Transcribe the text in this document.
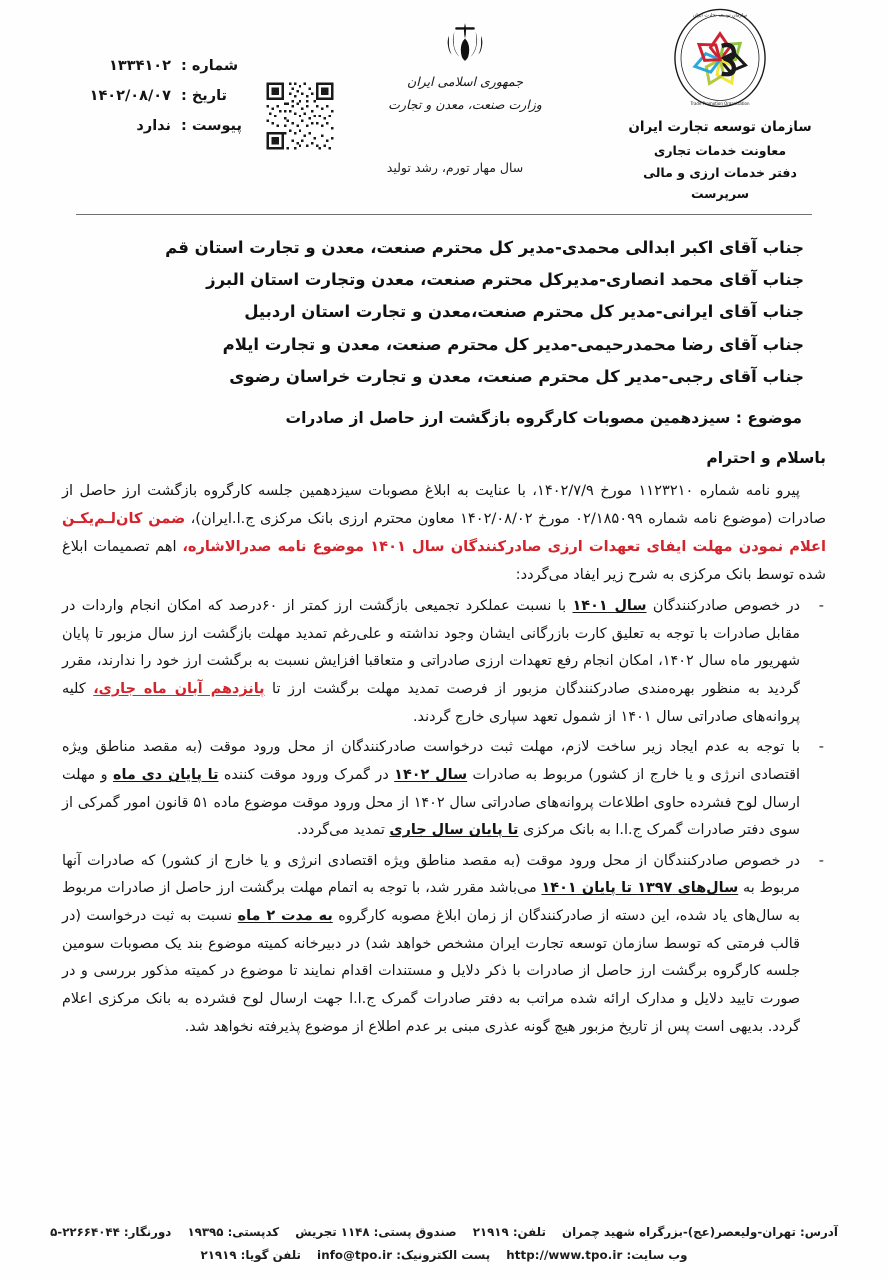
سازمان توسعه تجارت ایران
Trade Promotion Organization
سازمان توسعه تجارت ایران
معاونت خدمات تجاری
دفتر خدمات ارزی و مالی
سرپرست
جمهوری اسلامی ایران
وزارت صنعت، معدن و تجارت
سال مهار تورم، رشد تولید
شماره :
۱۳۳۴۱۰۲
تاریخ :
۱۴۰۲/۰۸/۰۷
پیوست :
ندارد
جناب آقای اکبر ابدالی محمدی-مدیر کل محترم صنعت، معدن و تجارت استان قم
جناب آقای محمد انصاری-مدیرکل محترم صنعت، معدن وتجارت استان البرز
جناب آقای ایرانی-مدیر کل محترم صنعت،معدن و تجارت استان اردبیل
جناب آقای رضا محمدرحیمی-مدیر کل محترم صنعت، معدن و تجارت ایلام
جناب آقای رجبی-مدیر کل محترم صنعت، معدن و تجارت خراسان رضوی
موضوع : سیزدهمین مصوبات کارگروه بازگشت ارز حاصل از صادرات
باسلام و احترام
پیرو نامه شماره ۱۱۲۳۲۱۰ مورخ ۱۴۰۲/۷/۹، با عنایت به ابلاغ مصوبات سیزدهمین جلسه کارگروه بازگشت ارز حاصل از صادرات (موضوع نامه شماره ۰۲/۱۸۵۰۹۹ مورخ ۱۴۰۲/۰۸/۰۲ معاون محترم ارزی بانک مرکزی ج.ا.ایران)، ضمن کان‌لـم‌یکـن اعلام نمودن مهلت ایفای تعهدات ارزی صادرکنندگان سال ۱۴۰۱ موضوع نامه صدرالاشاره، اهم تصمیمات ابلاغ شده توسط بانک مرکزی به شرح زیر ایفاد می‌گردد:
-
در خصوص صادرکنندگان سال ۱۴۰۱ با نسبت عملکرد تجمیعی بازگشت ارز کمتر از ۶۰درصد که امکان انجام واردات در مقابل صادرات با توجه به تعلیق کارت بازرگانی ایشان وجود نداشته و علی‌رغم تمدید مهلت بازگشت ارز سال مزبور تا پایان شهریور ماه سال ۱۴۰۲، امکان انجام رفع تعهدات ارزی صادراتی و متعاقبا افزایش نسبت به برگشت ارز خود را ندارند، مقرر گردید به منظور بهره‌مندی صادرکنندگان مزبور از فرصت تمدید مهلت برگشت ارز تا پانزدهم آبان ماه جاری، کلیه پروانه‌های صادراتی سال ۱۴۰۱ از شمول تعهد سپاری خارج گردند.
-
با توجه به عدم ایجاد زیر ساخت لازم، مهلت ثبت درخواست صادرکنندگان از محل ورود موقت (به مقصد مناطق ویژه اقتصادی انرژی و یا خارج از کشور) مربوط به صادرات سال ۱۴۰۲ در گمرک ورود موقت کننده تا پایان دی ماه و مهلت ارسال لوح فشرده حاوی اطلاعات پروانه‌های صادراتی سال ۱۴۰۲ از محل ورود موقت موضوع ماده ۵۱ قانون امور گمرکی از سوی دفتر صادرات گمرک ج.ا.ا به بانک مرکزی تا پایان سال جاری تمدید می‌گردد.
-
در خصوص صادرکنندگان از محل ورود موقت (به مقصد مناطق ویژه اقتصادی انرژی و یا خارج از کشور) که صادرات آنها مربوط به سال‌های ۱۳۹۷ تا پایان ۱۴۰۱ می‌باشد مقرر شد، با توجه به اتمام مهلت برگشت ارز حاصل از صادرات مربوط به سال‌های یاد شده، این دسته از صادرکنندگان از زمان ابلاغ مصوبه کارگروه به مدت ۲ ماه نسبت به ثبت درخواست (در قالب فرمتی که توسط سازمان توسعه تجارت ایران مشخص خواهد شد) در دبیرخانه کمیته موضوع بند یک مصوبات سومین جلسه کارگروه برگشت ارز حاصل از صادرات با ذکر دلایل و مستندات اقدام نمایند تا موضوع در کمیته مذکور بررسی و در صورت تایید دلایل و مدارک ارائه شده مراتب به دفتر صادرات گمرک ج.ا.ا جهت ارسال لوح فشرده به بانک مرکزی اعلام گردد. بدیهی است پس از تاریخ مزبور هیچ گونه عذری مبنی بر عدم اطلاع از موضوع پذیرفته نخواهد شد.
آدرس: تهران-ولیعصر(عج)-بزرگراه شهید چمران تلفن: ۲۱۹۱۹ صندوق پستی: ۱۱۴۸ تجریش کدپستی: ۱۹۳۹۵ دورنگار: ۲۲۶۶۴۰۴۴-۵
وب سایت: http://www.tpo.ir پست الکترونیک: info@tpo.ir تلفن گویا: ۲۱۹۱۹
